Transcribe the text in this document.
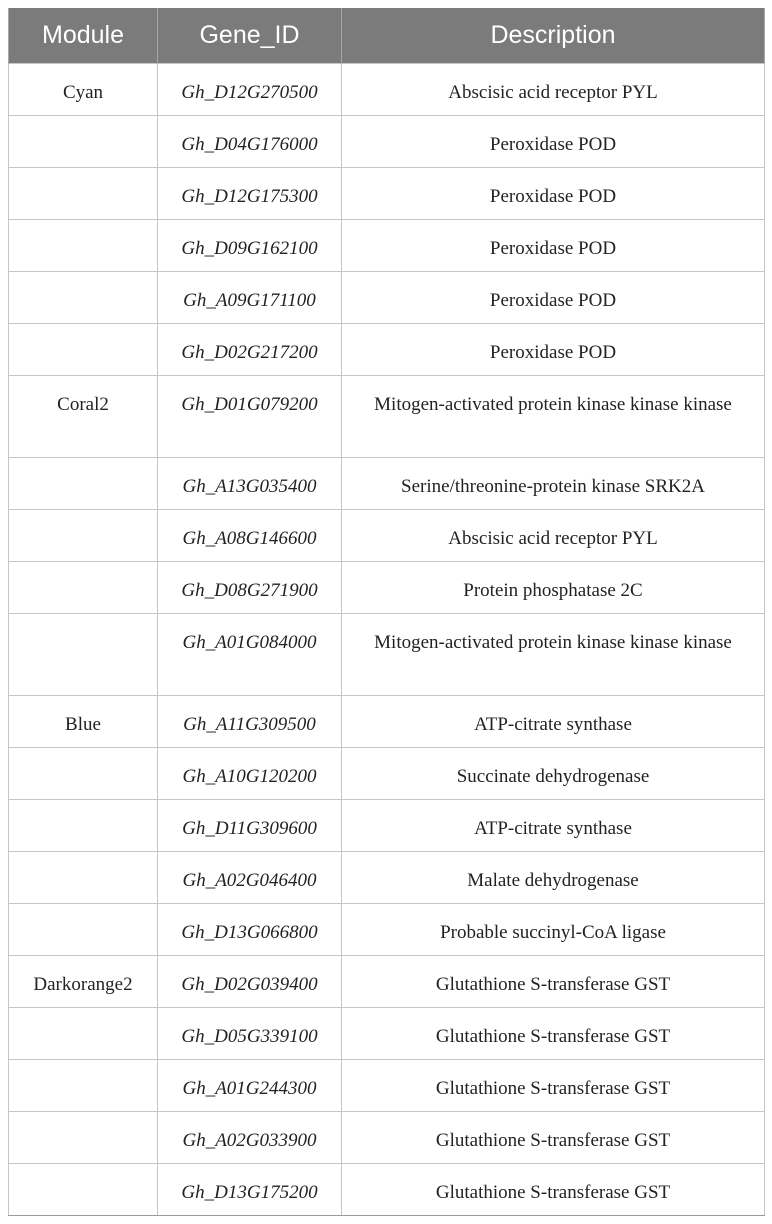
Module	Gene_ID	Description
Cyan	Gh_D12G270500	Abscisic acid receptor PYL
	Gh_D04G176000	Peroxidase POD
	Gh_D12G175300	Peroxidase POD
	Gh_D09G162100	Peroxidase POD
	Gh_A09G171100	Peroxidase POD
	Gh_D02G217200	Peroxidase POD
Coral2	Gh_D01G079200	Mitogen-activated protein kinase kinase kinase
	Gh_A13G035400	Serine/threonine-protein kinase SRK2A
	Gh_A08G146600	Abscisic acid receptor PYL
	Gh_D08G271900	Protein phosphatase 2C
	Gh_A01G084000	Mitogen-activated protein kinase kinase kinase
Blue	Gh_A11G309500	ATP-citrate synthase
	Gh_A10G120200	Succinate dehydrogenase
	Gh_D11G309600	ATP-citrate synthase
	Gh_A02G046400	Malate dehydrogenase
	Gh_D13G066800	Probable succinyl-CoA ligase
Darkorange2	Gh_D02G039400	Glutathione S-transferase GST
	Gh_D05G339100	Glutathione S-transferase GST
	Gh_A01G244300	Glutathione S-transferase GST
	Gh_A02G033900	Glutathione S-transferase GST
	Gh_D13G175200	Glutathione S-transferase GST
